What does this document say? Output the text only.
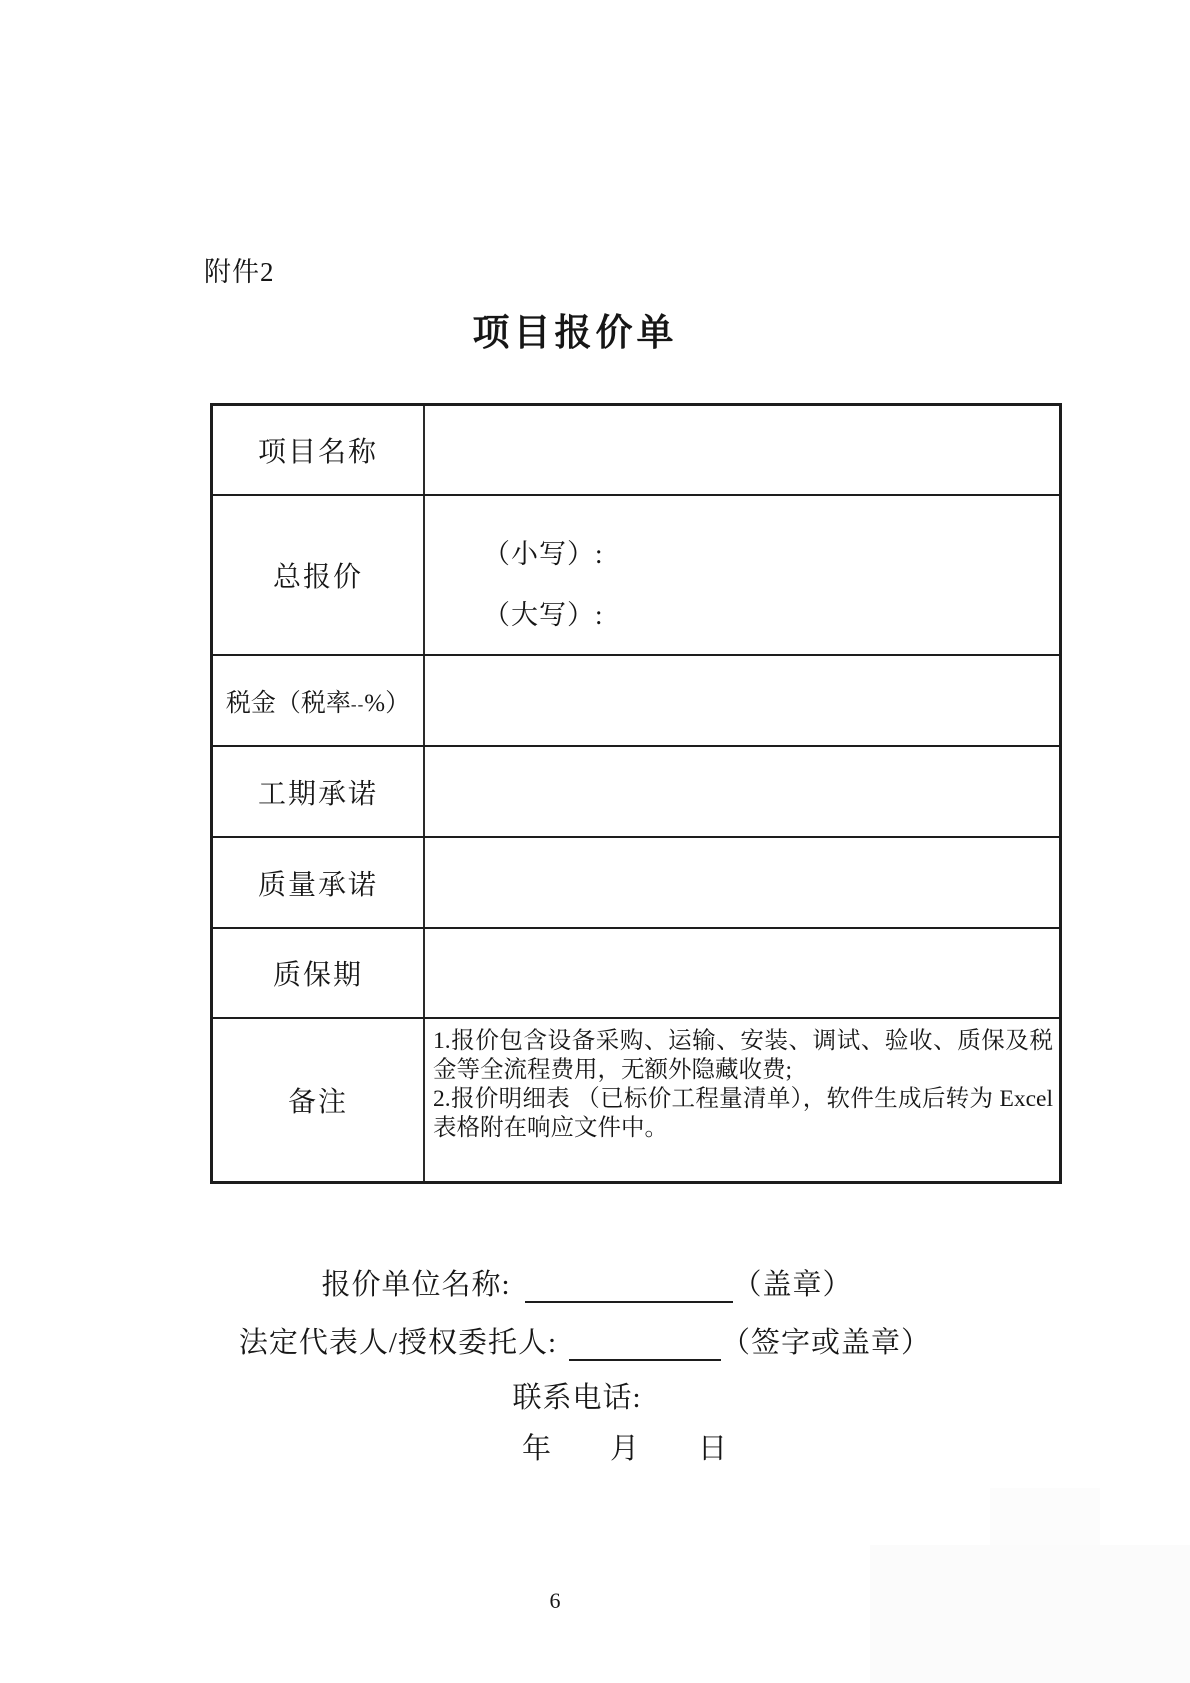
附件2
项目报价单
项目名称
总报价
（小写）:
（大写）:
税金（税率 -- %）
工期承诺
质量承诺
质保期
备注

1.报价包含设备采购、运输、安装、调试、验收、质保及税金等全流程费用，无额外隐藏收费;

2.报价明细表 （已标价工程量清单），软件生成后转为 Excel 表格附在响应文件中。

报价单位名称:	（盖章）
法定代表人/授权委托人:	（签字或盖章）
联系电话:
年 月 日
6
